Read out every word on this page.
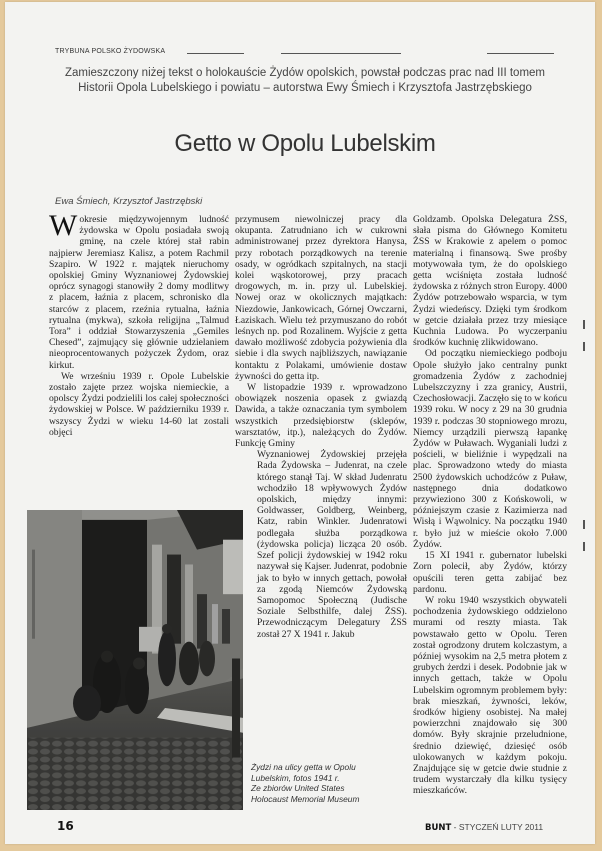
TRYBUNA POLSKO ŻYDOWSKA
Zamieszczony niżej tekst o holokauście Żydów opolskich, powstał podczas prac nad III tomem Historii Opola Lubelskiego i powiatu – autorstwa Ewy Śmiech i Krzysztofa Jastrzębskiego
Getto w Opolu Lubelskim
Ewa Śmiech, Krzysztof Jastrzębski

Wokresie międzywojennym ludność żydowska w Opolu posiadała swoją gminę, na czele której stał rabin najpierw Jeremiasz Kalisz, a potem Rachmil Szapiro. W 1922 r. majątek nieruchomy opolskiej Gminy Wyznaniowej Żydowskiej oprócz synagogi stanowiły 2 domy modlitwy z placem, łaźnia z placem, schronisko dla starców z placem, rzeźnia rytualna, łaźnia rytualna (mykwa), szkoła religijna „Talmud Tora” i oddział Stowarzyszenia „Gemiles Chesed”, zajmujący się głównie udzielaniem nieoprocentowanych pożyczek Żydom, oraz kirkut.

We wrześniu 1939 r. Opole Lubelskie zostało zajęte przez wojska niemieckie, a opolscy Żydzi podzielili los całej społeczności żydowskiej w Polsce. W październiku 1939 r. wszyscy Żydzi w wieku 14-60 lat zostali objęci

przymusem niewolniczej pracy dla okupanta. Zatrudniano ich w cukrowni administrowanej przez dyrektora Hanysa, przy robotach porządkowych na terenie osady, w ogródkach szpitalnych, na stacji kolei wąskotorowej, przy pracach drogowych, m. in. przy ul. Lubelskiej. Nowej oraz w okolicznych majątkach: Niezdowie, Jankowicach, Górnej Owczarni, Łaziskach. Wielu też przymuszano do robót leśnych np. pod Rozalinem. Wyjście z getta dawało możliwość zdobycia pożywienia dla siebie i dla swych najbliższych, nawiązanie kontaktu z Polakami, umówienie dostaw żywności do getta itp.

W listopadzie 1939 r. wprowadzono obowiązek noszenia opasek z gwiazdą Dawida, a także oznaczania tym symbolem wszystkich przedsiębiorstw (sklepów, warsztatów, itp.), należących do Żydów. Funkcję Gminy

Wyznaniowej Żydowskiej przejęła Rada Żydowska – Judenrat, na czele którego stanął Taj. W skład Judenratu wchodziło 18 wpływowych Żydów opolskich, między innymi: Goldwasser, Goldberg, Weinberg, Katz, rabin Winkler. Judenratowi podlegała służba porządkowa (żydowska policja) licząca 20 osób. Szef policji żydowskiej w 1942 roku nazywał się Kajser. Judenrat, podobnie jak to było w innych gettach, powołał za zgodą Niemców Żydowską Samopomoc Społeczną (Judische Soziale Selbsthilfe, dalej ŻSS). Przewodniczącym Delegatury ŻSS został 27 X 1941 r. Jakub

Goldzamb. Opolska Delegatura ŻSS, słała pisma do Głównego Komitetu ŻSS w Krakowie z apelem o pomoc materialną i finansową. Swe prośby motywowała tym, że do opolskiego getta wciśnięta została ludność żydowska z różnych stron Europy. 4000 Żydów potrzebowało wsparcia, w tym Żydzi wiedeńscy. Dzięki tym środkom w getcie działała przez trzy miesiące Kuchnia Ludowa. Po wyczerpaniu środków kuchnię zlikwidowano.

Od początku niemieckiego podboju Opole służyło jako centralny punkt gromadzenia Żydów z zachodniej Lubelszczyzny i zza granicy, Austrii, Czechosłowacji. Zaczęło się to w końcu 1939 roku. W nocy z 29 na 30 grudnia 1939 r. podczas 30 stopniowego mrozu, Niemcy urządzili pierwszą łapankę Żydów w Puławach. Wyganiali ludzi z pościeli, w bieliźnie i wypędzali na plac. Sprowadzono wtedy do miasta 2500 żydowskich uchodźców z Puław, następnego dnia dodatkowo przywieziono 300 z Końskowoli, w późniejszym czasie z Kazimierza nad Wisłą i Wąwolnicy. Na początku 1940 r. było już w mieście około 7.000 Żydów.

15 XI 1941 r. gubernator lubelski Zorn polecił, aby Żydów, którzy opuścili teren getta zabijać bez pardonu.

W roku 1940 wszystkich obywateli pochodzenia żydowskiego oddzielono murami od reszty miasta. Tak powstawało getto w Opolu. Teren został ogrodzony drutem kolczastym, a później wysokim na 2,5 metra płotem z grubych żerdzi i desek. Podobnie jak w innych gettach, także w Opolu Lubelskim ogromnym problemem były: brak mieszkań, żywności, leków, środków higieny osobistej. Na małej powierzchni znajdowało się 300 domów. Były skrajnie przeludnione, średnio dziewięć, dziesięć osób ulokowanych w każdym pokoju. Znajdujące się w getcie dwie studnie z trudem wystarczały dla kilku tysięcy mieszkańców.

Żydzi na ulicy getta w Opolu
Lubelskim, fotos 1941 r.
Ze zbiorów United States
Holocaust Memorial Museum
16	BUNT - STYCZEŃ LUTY 2011
